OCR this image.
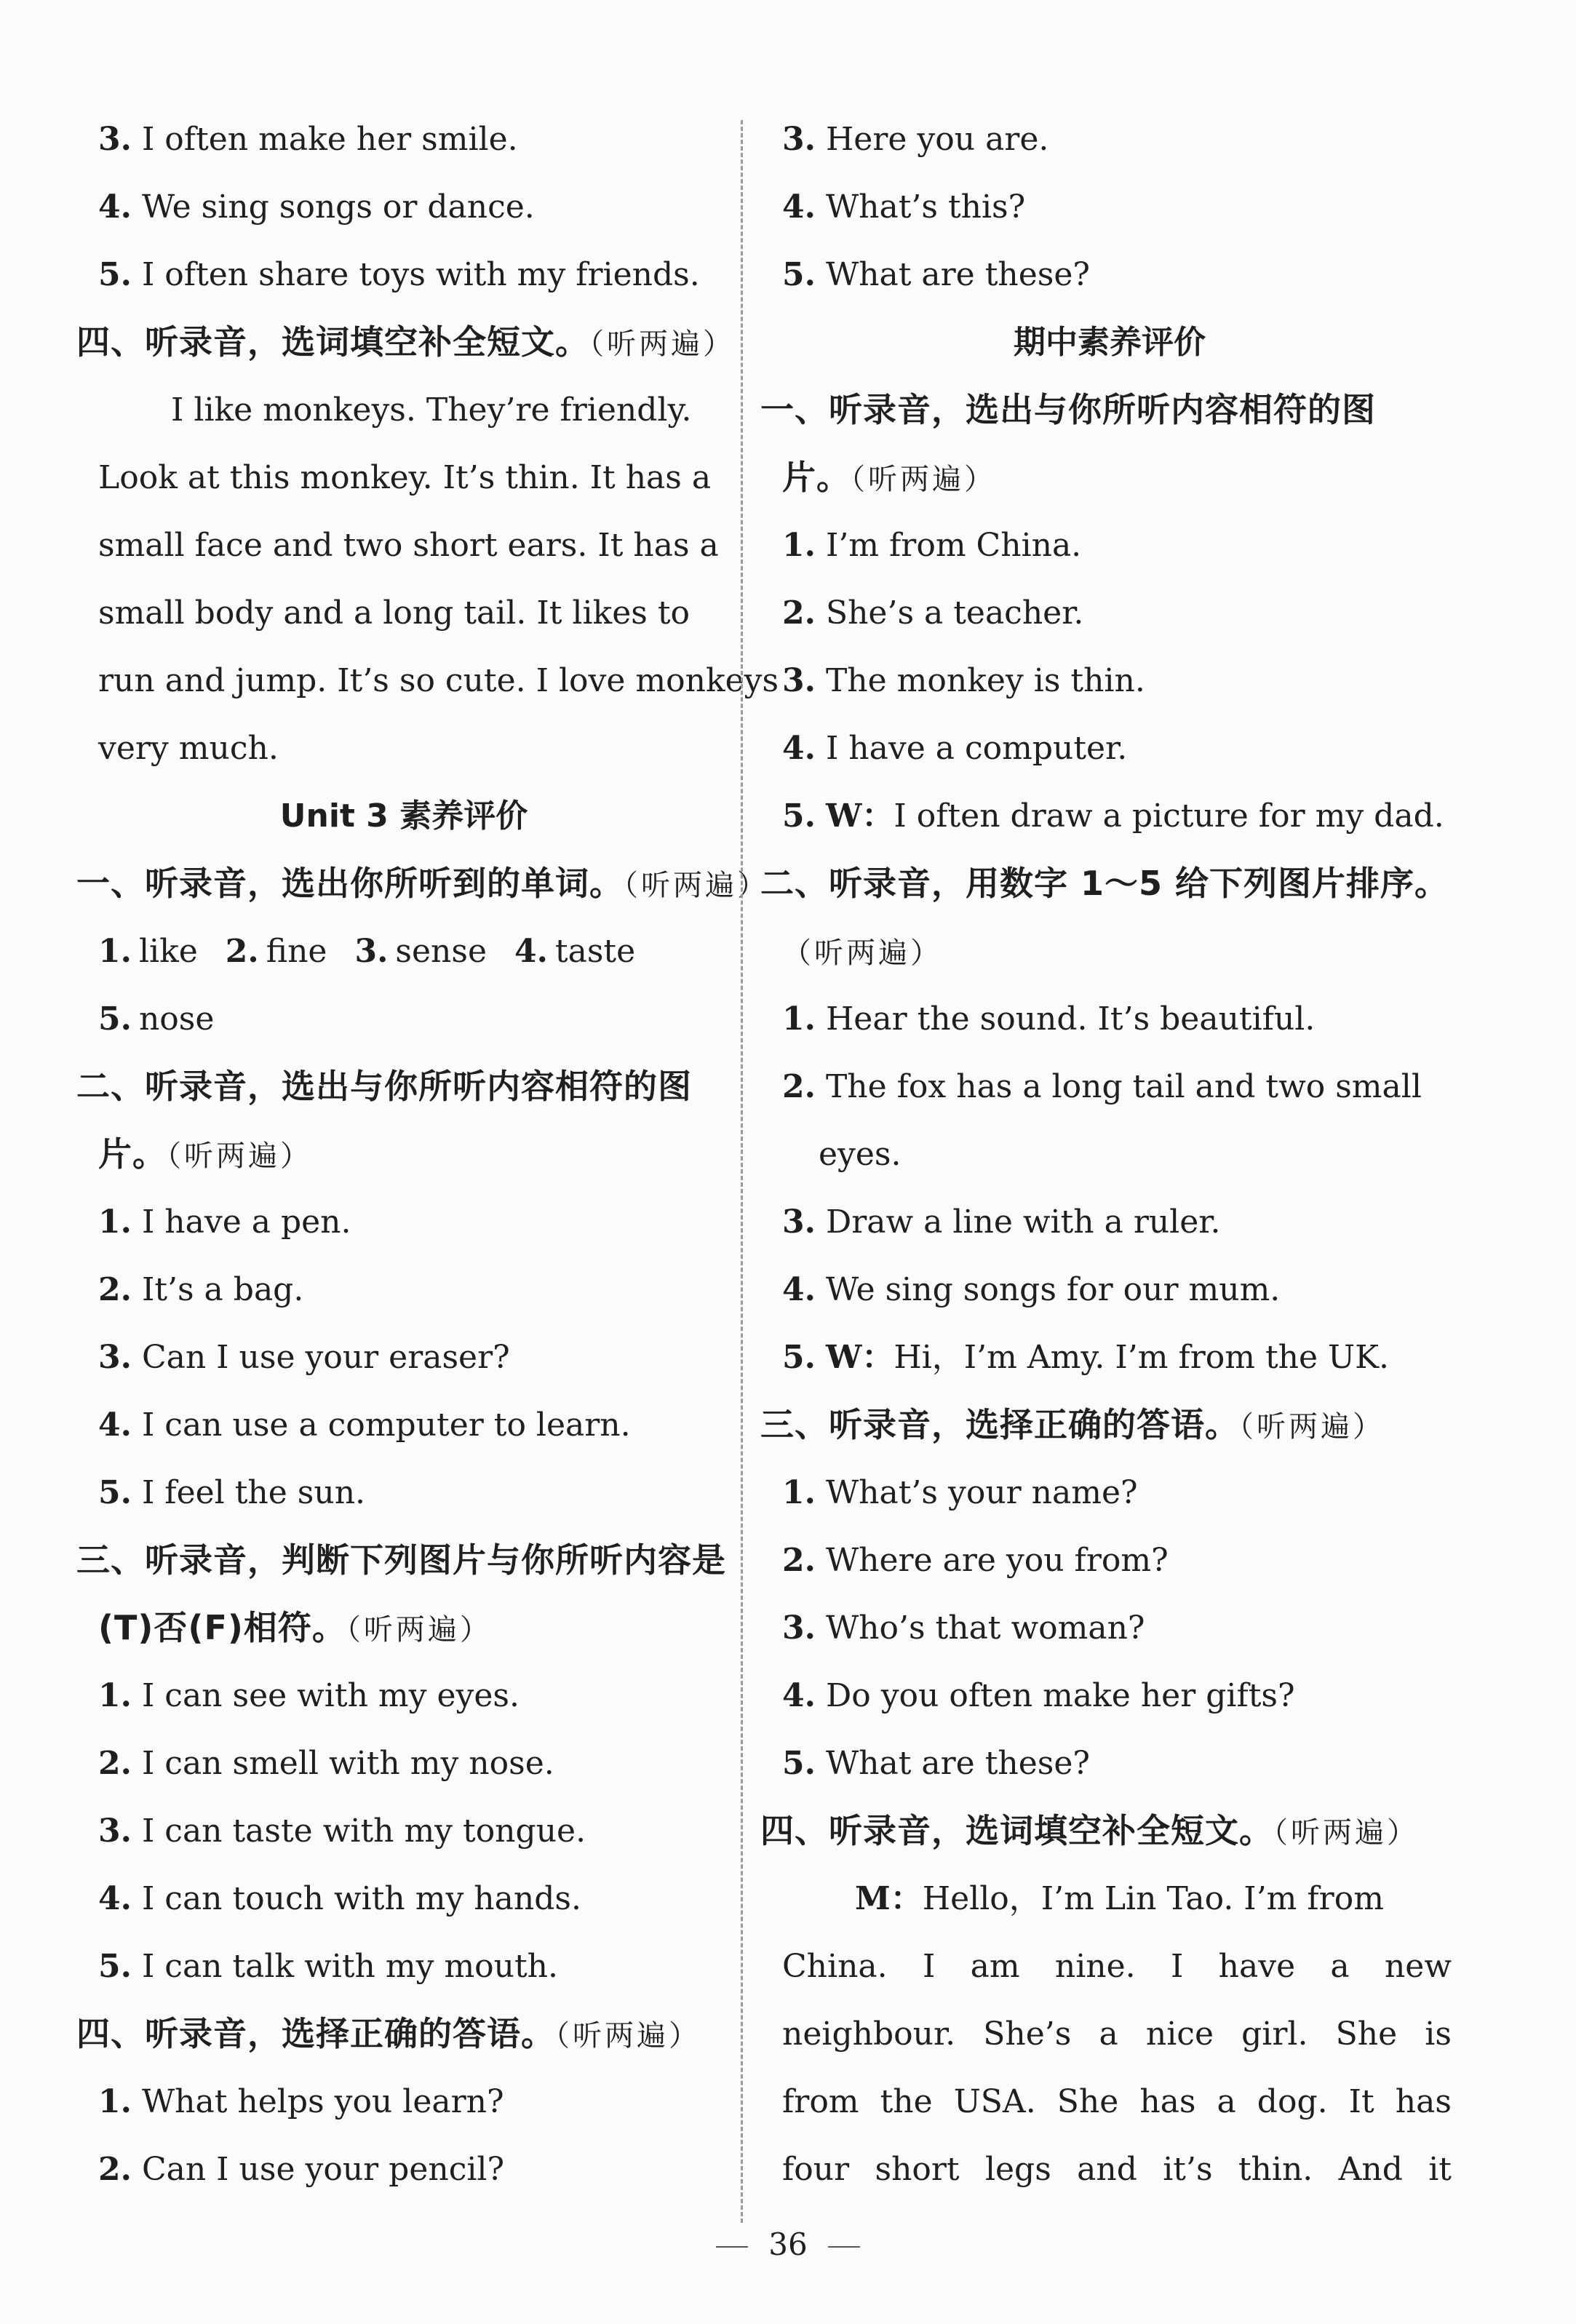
3. I often make her smile.
4. We sing songs or dance.
5. I often share toys with my friends.
四、听录音，选词填空补全短文。（听两遍）
I like monkeys. They’re friendly.
Look at this monkey. It’s thin. It has a
small face and two short ears. It has a
small body and a long tail. It likes to
run and jump. It’s so cute. I love monkeys
very much.
Unit 3 素养评价
一、听录音，选出你所听到的单词。（听两遍）
1. like 2. fine 3. sense 4. taste
5. nose
二、听录音，选出与你所听内容相符的图
片。（听两遍）
1. I have a pen.
2. It’s a bag.
3. Can I use your eraser?
4. I can use a computer to learn.
5. I feel the sun.
三、听录音，判断下列图片与你所听内容是
(T)否(F)相符。（听两遍）
1. I can see with my eyes.
2. I can smell with my nose.
3. I can taste with my tongue.
4. I can touch with my hands.
5. I can talk with my mouth.
四、听录音，选择正确的答语。（听两遍）
1. What helps you learn?
2. Can I use your pencil?
3. Here you are.
4. What’s this?
5. What are these?
期中素养评价
一、听录音，选出与你所听内容相符的图
片。（听两遍）
1. I’m from China.
2. She’s a teacher.
3. The monkey is thin.
4. I have a computer.
5. W：I often draw a picture for my dad.
二、听录音，用数字 1～5 给下列图片排序。
（听两遍）
1. Hear the sound. It’s beautiful.
2. The fox has a long tail and two small
eyes.
3. Draw a line with a ruler.
4. We sing songs for our mum.
5. W：Hi，I’m Amy. I’m from the UK.
三、听录音，选择正确的答语。（听两遍）
1. What’s your name?
2. Where are you from?
3. Who’s that woman?
4. Do you often make her gifts?
5. What are these?
四、听录音，选词填空补全短文。（听两遍）
M：Hello，I’m Lin Tao. I’m from
China. I am nine. I have a new
neighbour. She’s a nice girl. She is
from the USA. She has a dog. It has
four short legs and it’s thin. And it
36
